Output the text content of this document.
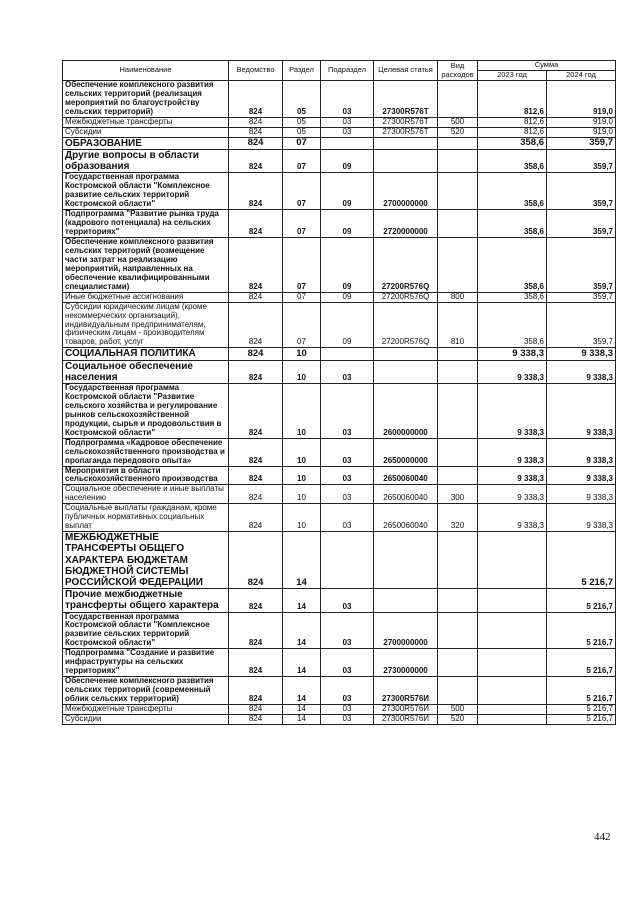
Наименование	Ведомство	Раздел	Подраздел	Целевая статья	Вид расходов	Сумма	
						2023 год	2024 год
Обеспечение комплексного развития сельских территорий (реализация мероприятий по благоустройству сельских территорий)	824	05	03	27300R576T		812,6	919,0
Межбюджетные трансферты	824	05	03	27300R576T	500	812,6	919,0
Субсидии	824	05	03	27300R576T	520	812,6	919,0
ОБРАЗОВАНИЕ	824	07				358,6	359,7
Другие вопросы в области образования	824	07	09			358,6	359,7
Государственная программа Костромской области "Комплексное развитие сельских территорий Костромской области"	824	07	09	2700000000		358,6	359,7
Подпрограмма "Развитие рынка труда (кадрового потенциала) на сельских территориях"	824	07	09	2720000000		358,6	359,7
Обеспечение комплексного развития сельских территорий (возмещение части затрат на реализацию мероприятий, направленных на обеспечение квалифицированными специалистами)	824	07	09	27200R576Q		358,6	359,7
Иные бюджетные ассигнования	824	07	09	27200R576Q	800	358,6	359,7
Субсидии юридическим лицам (кроме некоммерческих организаций), индивидуальным предпринимателям, физическим лицам - производителям товаров, работ, услуг	824	07	09	27200R576Q	810	358,6	359,7
СОЦИАЛЬНАЯ ПОЛИТИКА	824	10				9 338,3	9 338,3
Социальное обеспечение населения	824	10	03			9 338,3	9 338,3
Государственная программа Костромской области "Развитие сельского хозяйства и регулирование рынков сельскохозяйственной продукции, сырья и продовольствия в Костромской области"	824	10	03	2600000000		9 338,3	9 338,3
Подпрограмма «Кадровое обеспечение сельскохозяйственного производства и пропаганда передового опыта»	824	10	03	2650000000		9 338,3	9 338,3
Мероприятия в области сельскохозяйственного производства	824	10	03	2650060040		9 338,3	9 338,3
Социальное обеспечение и иные выплаты населению	824	10	03	2650060040	300	9 338,3	9 338,3
Социальные выплаты гражданам, кроме публичных нормативных социальных выплат	824	10	03	2650060040	320	9 338,3	9 338,3
МЕЖБЮДЖЕТНЫЕ ТРАНСФЕРТЫ ОБЩЕГО ХАРАКТЕРА БЮДЖЕТАМ БЮДЖЕТНОЙ СИСТЕМЫ РОССИЙСКОЙ ФЕДЕРАЦИИ	824	14					5 216,7
Прочие межбюджетные трансферты общего характера	824	14	03				5 216,7
Государственная программа Костромской области "Комплексное развитие сельских территорий Костромской области"	824	14	03	2700000000			5 216,7
Подпрограмма "Создание и развитие инфраструктуры на сельских территориях"	824	14	03	2730000000			5 216,7
Обеспечение комплексного развития сельских территорий (современный облик сельских территорий)	824	14	03	27300R576И			5 216,7
Межбюджетные трансферты	824	14	03	27300R576И	500		5 216,7
Субсидии	824	14	03	27300R576И	520		5 216,7
442
